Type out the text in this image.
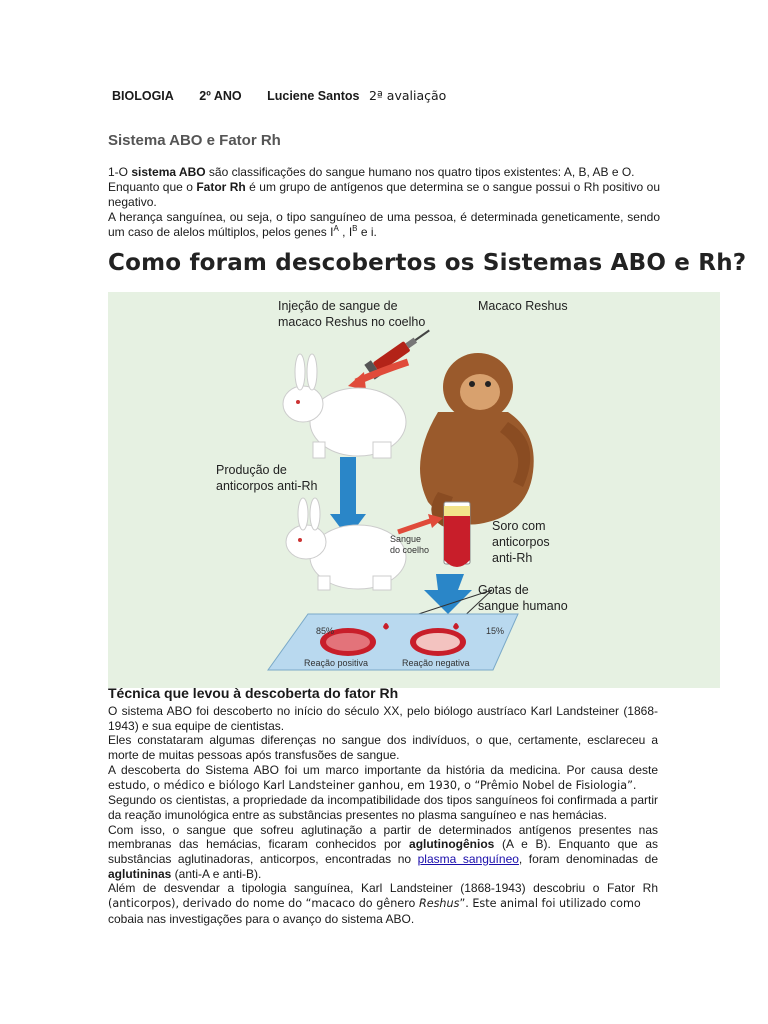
BIOLOGIA 2º ANO Luciene Santos 2ª avaliação
Sistema ABO e Fator Rh

1-O sistema ABO são classificações do sangue humano nos quatro tipos existentes: A, B, AB e O.

Enquanto que o Fator Rh é um grupo de antígenos que determina se o sangue possui o Rh positivo ou negativo.

A herança sanguínea, ou seja, o tipo sanguíneo de uma pessoa, é determinada geneticamente, sendo um caso de alelos múltiplos, pelos genes $I^A$ , $I^B$ e i.

Como foram descobertos os Sistemas ABO e Rh?
Injeção de sangue de
macaco Reshus no coelho
Macaco Reshus
Produção de
anticorpos anti-Rh
Sangue
do coelho
Soro com
anticorpos
anti-Rh
Gotas de
sangue humano
85%	15%
Reação positiva	Reação negativa
Técnica que levou à descoberta do fator Rh

O sistema ABO foi descoberto no início do século XX, pelo biólogo austríaco Karl Landsteiner (1868-1943) e sua equipe de cientistas.

Eles constataram algumas diferenças no sangue dos indivíduos, o que, certamente, esclareceu a morte de muitas pessoas após transfusões de sangue.

A descoberta do Sistema ABO foi um marco importante da história da medicina. Por causa deste estudo, o médico e biólogo Karl Landsteiner ganhou, em 1930, o “Prêmio Nobel de Fisiologia”.

Segundo os cientistas, a propriedade da incompatibilidade dos tipos sanguíneos foi confirmada a partir da reação imunológica entre as substâncias presentes no plasma sanguíneo e nas hemácias.

Com isso, o sangue que sofreu aglutinação a partir de determinados antígenos presentes nas membranas das hemácias, ficaram conhecidos por aglutinogênios (A e B). Enquanto que as substâncias aglutinadoras, anticorpos, encontradas no plasma sanguíneo, foram denominadas de aglutininas (anti-A e anti-B).

Além de desvendar a tipologia sanguínea, Karl Landsteiner (1868-1943) descobriu o Fator Rh (anticorpos), derivado do nome do “macaco do gênero Reshus”. Este animal foi utilizado como

cobaia nas investigações para o avanço do sistema ABO.
